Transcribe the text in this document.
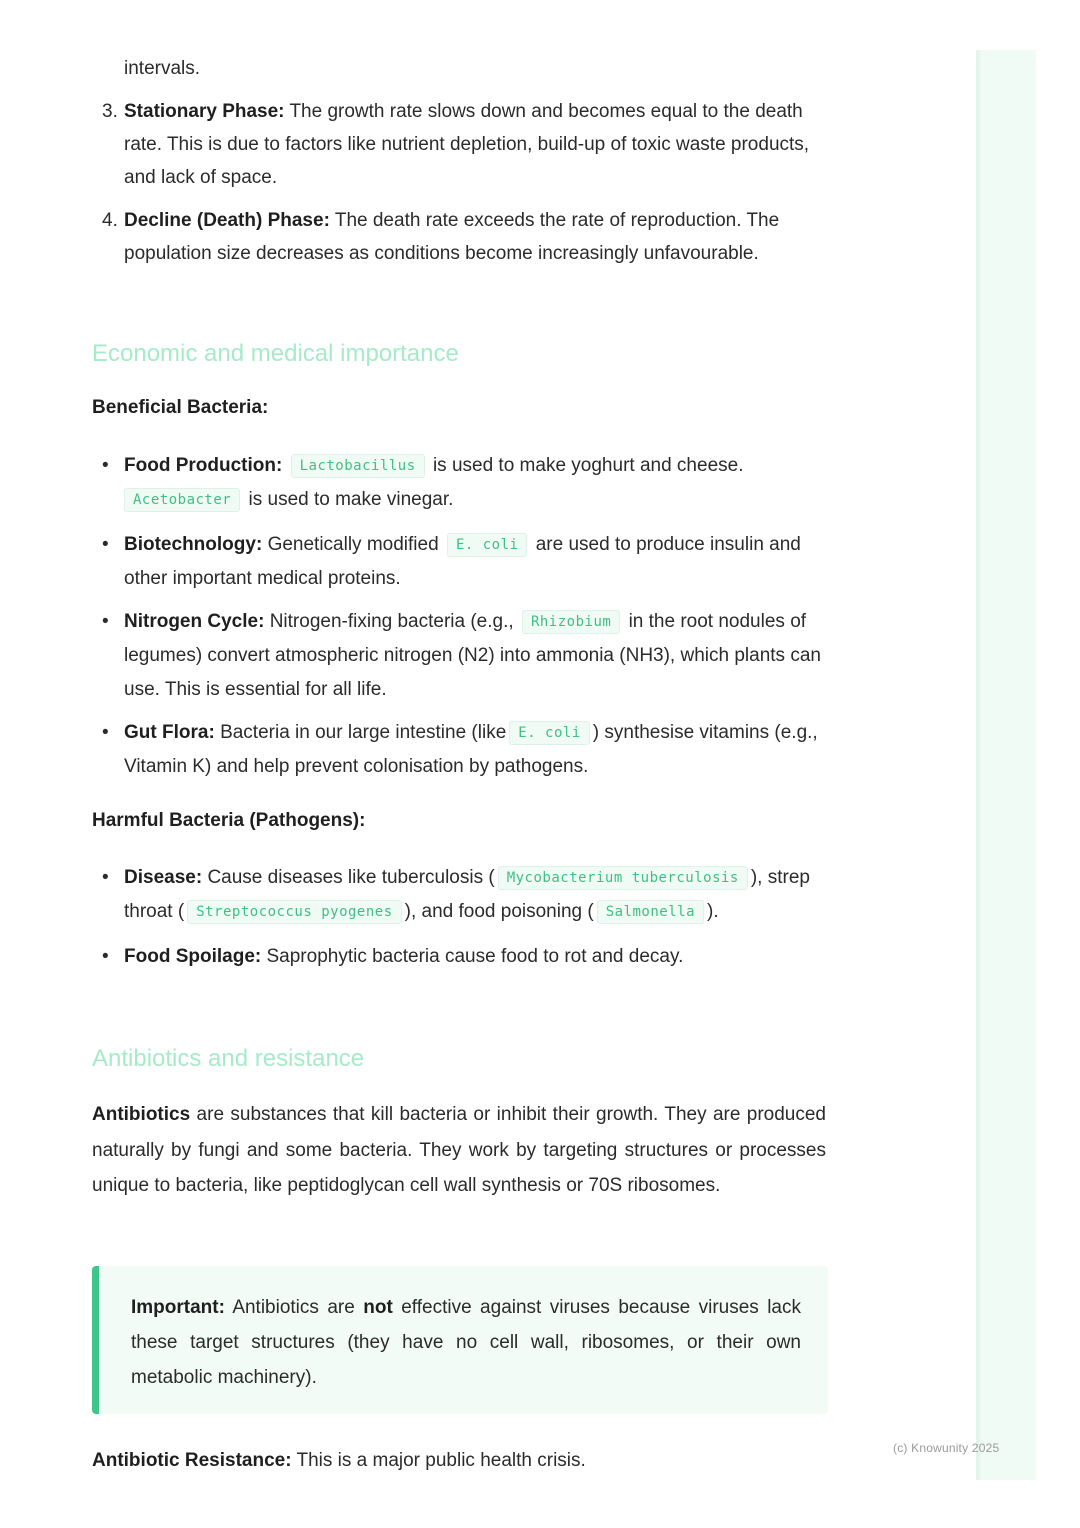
(c) Knowunity 2025
intervals.
3. Stationary Phase: The growth rate slows down and becomes equal to the death rate. This is due to factors like nutrient depletion, build-up of toxic waste products, and lack of space.
4. Decline (Death) Phase: The death rate exceeds the rate of reproduction. The population size decreases as conditions become increasingly unfavourable.
Economic and medical importance
Beneficial Bacteria:
• Food Production: Lactobacillus is used to make yoghurt and cheese.
Acetobacter is used to make vinegar.
• Biotechnology: Genetically modified E. coli are used to produce insulin and other important medical proteins.
• Nitrogen Cycle: Nitrogen-fixing bacteria (e.g., Rhizobium in the root nodules of legumes) convert atmospheric nitrogen (N2) into ammonia (NH3), which plants can use. This is essential for all life.
• Gut Flora: Bacteria in our large intestine (like E. coli ) synthesise vitamins (e.g., Vitamin K) and help prevent colonisation by pathogens.
Harmful Bacteria (Pathogens):
• Disease: Cause diseases like tuberculosis ( Mycobacterium tuberculosis ), strep throat ( Streptococcus pyogenes ), and food poisoning ( Salmonella ).
• Food Spoilage: Saprophytic bacteria cause food to rot and decay.
Antibiotics and resistance
Antibiotics are substances that kill bacteria or inhibit their growth. They are produced naturally by fungi and some bacteria. They work by targeting structures or processes unique to bacteria, like peptidoglycan cell wall synthesis or 70S ribosomes.
Important: Antibiotics are not effective against viruses because viruses lack these target structures (they have no cell wall, ribosomes, or their own metabolic machinery).
Antibiotic Resistance: This is a major public health crisis.
